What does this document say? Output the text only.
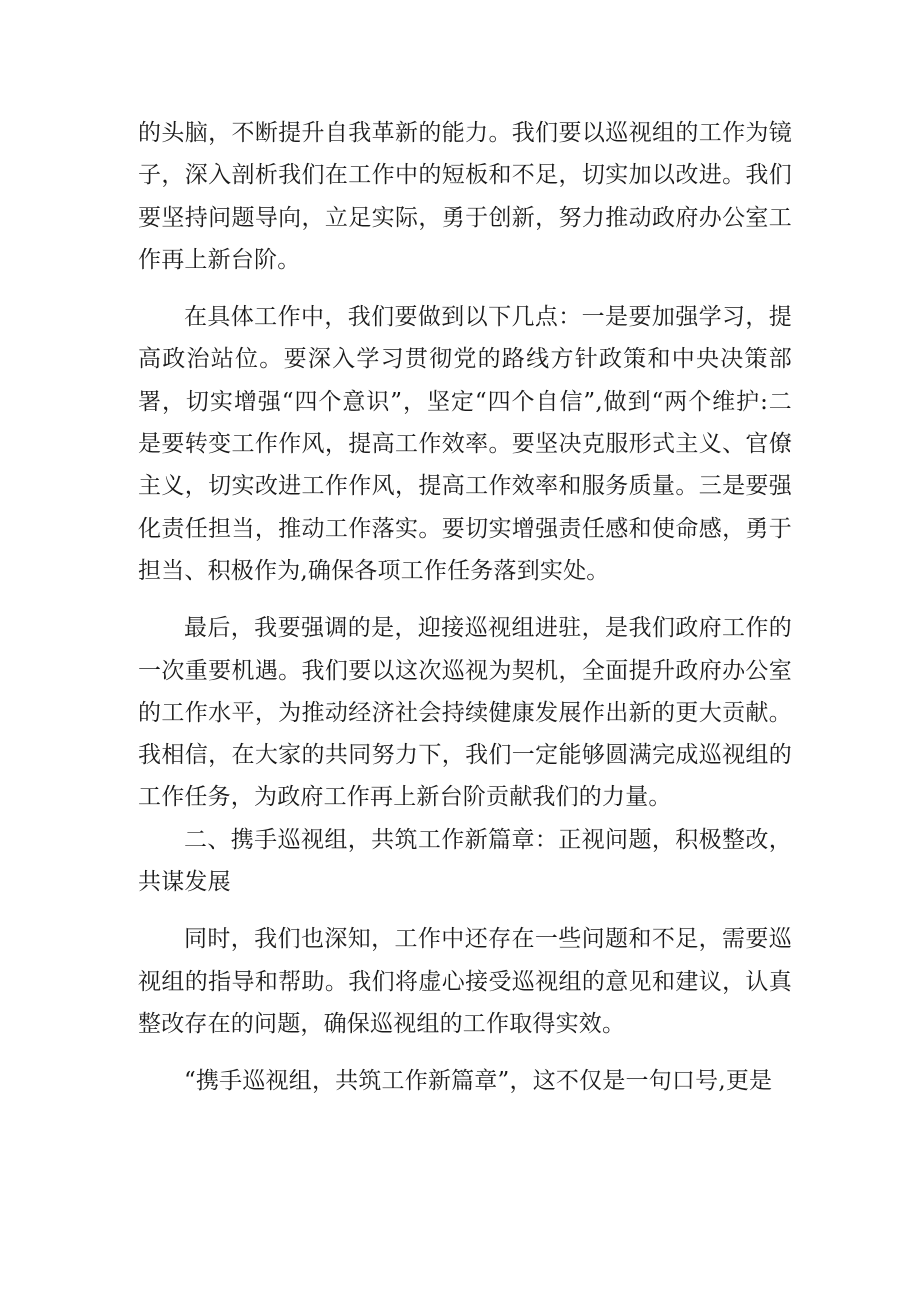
的头脑，不断提升自我革新的能力。我们要以巡视组的工作为镜子，深入剖析我们在工作中的短板和不足，切实加以改进。我们要坚持问题导向，立足实际，勇于创新，努力推动政府办公室工作再上新台阶。

在具体工作中，我们要做到以下几点：一是要加强学习，提高政治站位。要深入学习贯彻党的路线方针政策和中央决策部署，切实增强“四个意识”，坚定“四个自信”,做到“两个维护:二是要转变工作作风，提高工作效率。要坚决克服形式主义、官僚主义，切实改进工作作风，提高工作效率和服务质量。三是要强化责任担当，推动工作落实。要切实增强责任感和使命感，勇于担当、积极作为,确保各项工作任务落到实处。

最后，我要强调的是，迎接巡视组进驻，是我们政府工作的一次重要机遇。我们要以这次巡视为契机，全面提升政府办公室的工作水平，为推动经济社会持续健康发展作出新的更大贡献。我相信，在大家的共同努力下，我们一定能够圆满完成巡视组的工作任务，为政府工作再上新台阶贡献我们的力量。

二、携手巡视组，共筑工作新篇章：正视问题，积极整改，共谋发展

同时，我们也深知，工作中还存在一些问题和不足，需要巡视组的指导和帮助。我们将虚心接受巡视组的意见和建议，认真整改存在的问题，确保巡视组的工作取得实效。

“携手巡视组，共筑工作新篇章”，这不仅是一句口号,更是
